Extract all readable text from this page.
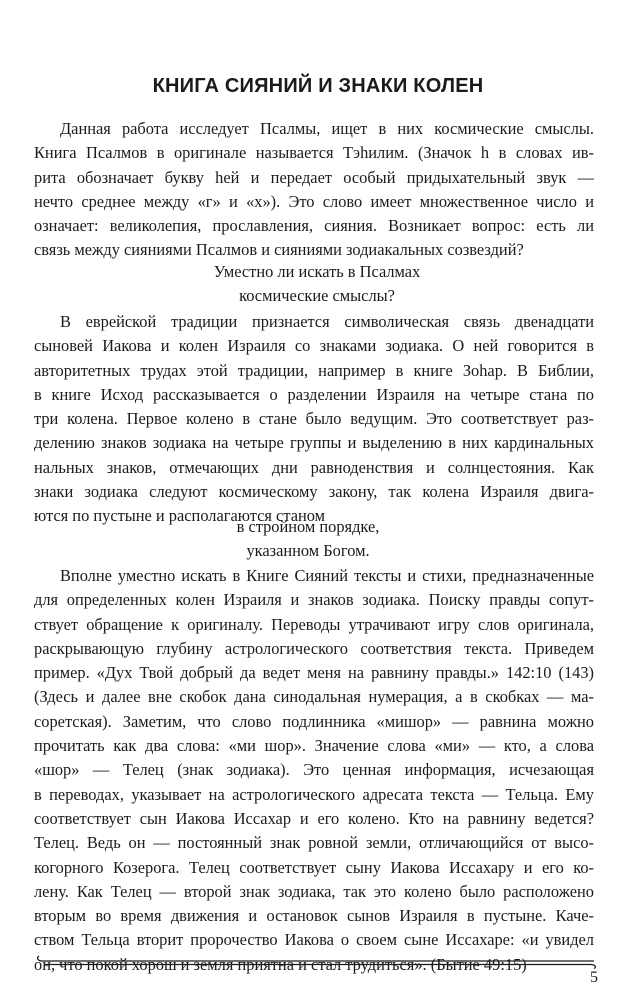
КНИГА СИЯНИЙ И ЗНАКИ КОЛЕН
Данная работа исследует Псалмы, ищет в них космические смыслы.
Книга Псалмов в оригинале называется Тэhилим. (Значок h в словах ив-
рита обозначает букву hей и передает особый придыхательный звук —
нечто среднее между «г» и «х»). Это слово имеет множественное число и
означает: великолепия, прославления, сияния. Возникает вопрос: есть ли
связь между сияниями Псалмов и сияниями зодиакальных созвездий?
Уместно ли искать в Псалмах
космические смыслы?
В еврейской традиции признается символическая связь двенадцати
сыновей Иакова и колен Израиля со знаками зодиака. О ней говорится в
авторитетных трудах этой традиции, например в книге Зоhар. В Библии,
в книге Исход рассказывается о разделении Израиля на четыре стана по
три колена. Первое колено в стане было ведущим. Это соответствует раз-
делению знаков зодиака на четыре группы и выделению в них кардинальных
нальных знаков, отмечающих дни равноденствия и солнцестояния. Как
знаки зодиака следуют космическому закону, так колена Израиля двига-
ются по пустыне и располагаются станом
в стройном порядке,
указанном Богом.
Вполне уместно искать в Книге Сияний тексты и стихи, предназначенные
для определенных колен Израиля и знаков зодиака. Поиску правды сопут-
ствует обращение к оригиналу. Переводы утрачивают игру слов оригинала,
раскрывающую глубину астрологического соответствия текста. Приведем
пример. «Дух Твой добрый да ведет меня на равнину правды.» 142:10 (143)
(Здесь и далее вне скобок дана синодальная нумерация, а в скобках — ма-
соретская). Заметим, что слово подлинника «мишор» — равнина можно
прочитать как два слова: «ми шор». Значение слова «ми» — кто, а слова
«шор» — Телец (знак зодиака). Это ценная информация, исчезающая
в переводах, указывает на астрологического адресата текста — Тельца. Ему
соответствует сын Иакова Иссахар и его колено. Кто на равнину ведется?
Телец. Ведь он — постоянный знак ровной земли, отличающийся от высо-
когорного Козерога. Телец соответствует сыну Иакова Иссахару и его ко-
лену. Как Телец — второй знак зодиака, так это колено было расположено
вторым во время движения и остановок сынов Израиля в пустыне. Каче-
ством Тельца вторит пророчество Иакова о своем сыне Иссахаре: «и увидел
он, что покой хорош и земля приятна и стал трудиться». (Бытие 49:15)
5
